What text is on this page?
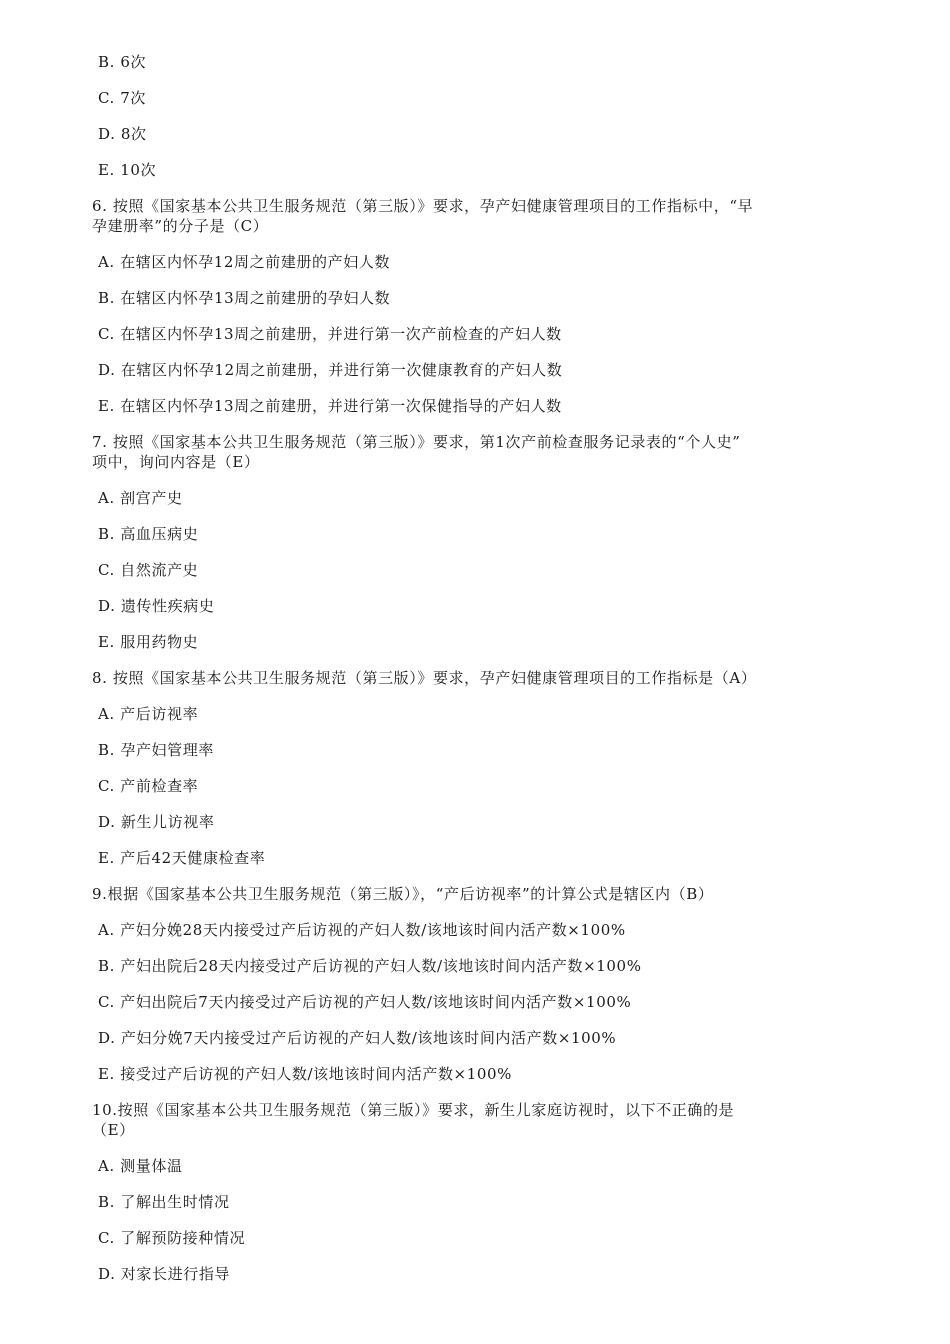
B. 6次
C. 7次
D. 8次
E. 10次
6. 按照《国家基本公共卫生服务规范（第三版）》要求，孕产妇健康管理项目的工作指标中，“早
孕建册率”的分子是（C）
A. 在辖区内怀孕12周之前建册的产妇人数
B. 在辖区内怀孕13周之前建册的孕妇人数
C. 在辖区内怀孕13周之前建册，并进行第一次产前检查的产妇人数
D. 在辖区内怀孕12周之前建册，并进行第一次健康教育的产妇人数
E. 在辖区内怀孕13周之前建册，并进行第一次保健指导的产妇人数
7. 按照《国家基本公共卫生服务规范（第三版）》要求，第1次产前检查服务记录表的“个人史”
项中，询问内容是（E）
A. 剖宫产史
B. 高血压病史
C. 自然流产史
D. 遗传性疾病史
E. 服用药物史
8. 按照《国家基本公共卫生服务规范（第三版）》要求，孕产妇健康管理项目的工作指标是（A）
A. 产后访视率
B. 孕产妇管理率
C. 产前检查率
D. 新生儿访视率
E. 产后42天健康检查率
9.根据《国家基本公共卫生服务规范（第三版）》，“产后访视率”的计算公式是辖区内（B）
A. 产妇分娩28天内接受过产后访视的产妇人数/该地该时间内活产数×100%
B. 产妇出院后28天内接受过产后访视的产妇人数/该地该时间内活产数×100%
C. 产妇出院后7天内接受过产后访视的产妇人数/该地该时间内活产数×100%
D. 产妇分娩7天内接受过产后访视的产妇人数/该地该时间内活产数×100%
E. 接受过产后访视的产妇人数/该地该时间内活产数×100%
10.按照《国家基本公共卫生服务规范（第三版）》要求，新生儿家庭访视时，以下不正确的是
（E）
A. 测量体温
B. 了解出生时情况
C. 了解预防接种情况
D. 对家长进行指导
